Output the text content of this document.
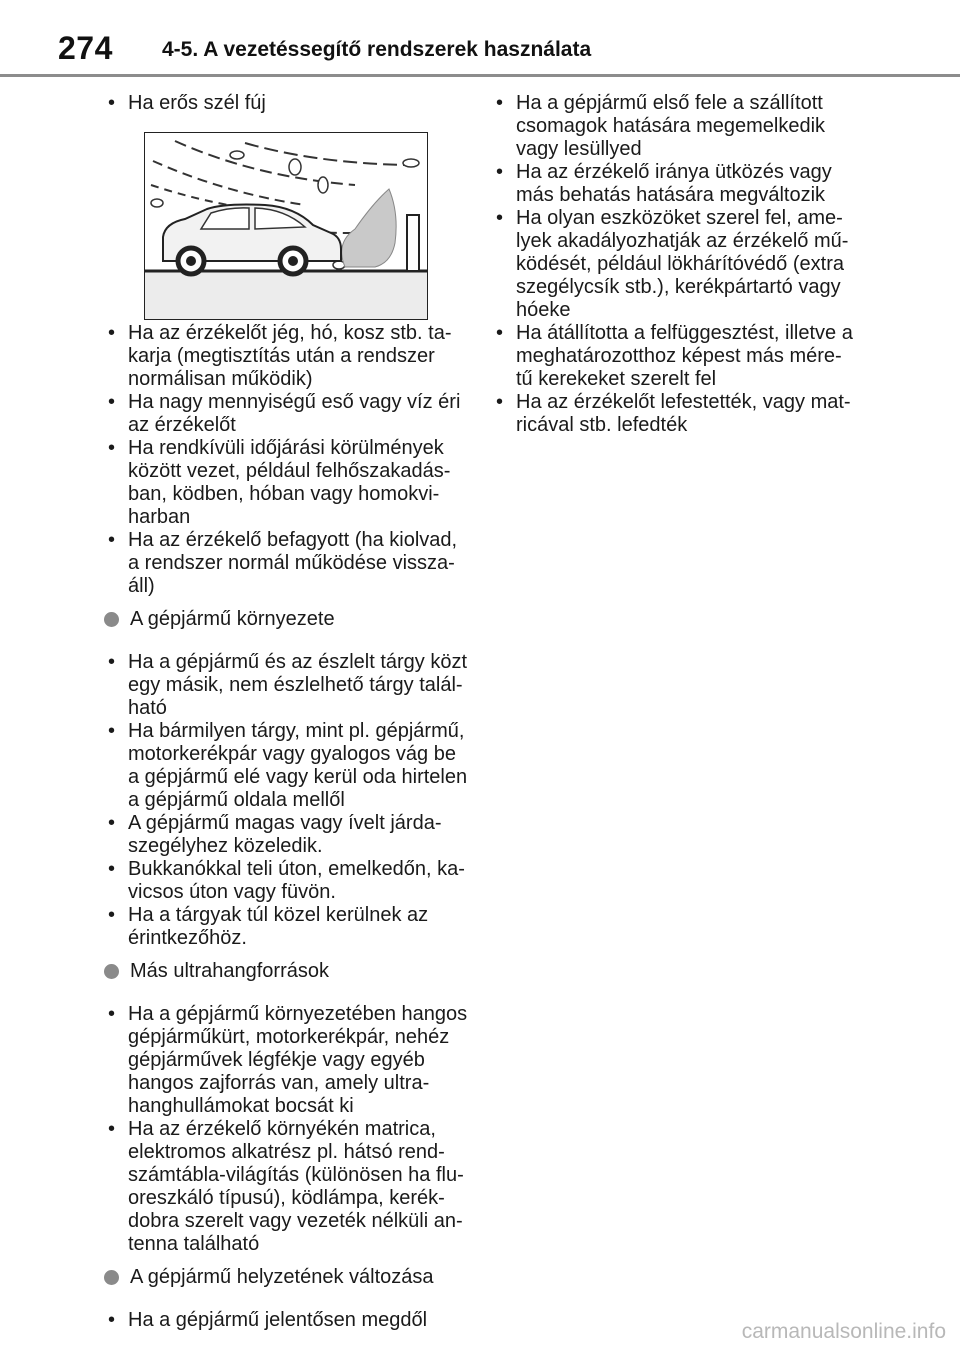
274 4-5. A vezetéssegítő rendszerek használata

• Ha erős szél fúj

• Ha az érzékelőt jég, hó, kosz stb. ta-karja (megtisztítás után a rendszer normálisan működik)

• Ha nagy mennyiségű eső vagy víz éri az érzékelőt

• Ha rendkívüli időjárási körülmények között vezet, például felhőszakadás-ban, ködben, hóban vagy homokvi-harban

• Ha az érzékelő befagyott (ha kiolvad, a rendszer normál működése vissza-áll)

A gépjármű környezete

• Ha a gépjármű és az észlelt tárgy közt egy másik, nem észlelhető tárgy talál-ható

• Ha bármilyen tárgy, mint pl. gépjármű, motorkerékpár vagy gyalogos vág be a gépjármű elé vagy kerül oda hirtelen a gépjármű oldala mellől

• A gépjármű magas vagy ívelt járda-szegélyhez közeledik.

• Bukkanókkal teli úton, emelkedőn, ka-vicsos úton vagy füvön.

• Ha a tárgyak túl közel kerülnek az érintkezőhöz.

Más ultrahangforrások

• Ha a gépjármű környezetében hangos gépjárműkürt, motorkerékpár, nehéz gépjárművek légfékje vagy egyéb hangos zajforrás van, amely ultra-hanghullámokat bocsát ki

• Ha az érzékelő környékén matrica, elektromos alkatrész pl. hátsó rend-számtábla-világítás (különösen ha flu-oreszkáló típusú), ködlámpa, kerék-dobra szerelt vagy vezeték nélküli an-tenna található

A gépjármű helyzetének változása

• Ha a gépjármű jelentősen megdől

• Ha a gépjármű első fele a szállított csomagok hatására megemelkedik vagy lesüllyed

• Ha az érzékelő iránya ütközés vagy más behatás hatására megváltozik

• Ha olyan eszközöket szerel fel, ame-lyek akadályozhatják az érzékelő mű-ködését, például lökhárítóvédő (extra szegélycsík stb.), kerékpártartó vagy hóeke

• Ha átállította a felfüggesztést, illetve a meghatározotthoz képest más mére-tű kerekeket szerelt fel

• Ha az érzékelőt lefestették, vagy mat-ricával stb. lefedték

carmanualsonline.info
